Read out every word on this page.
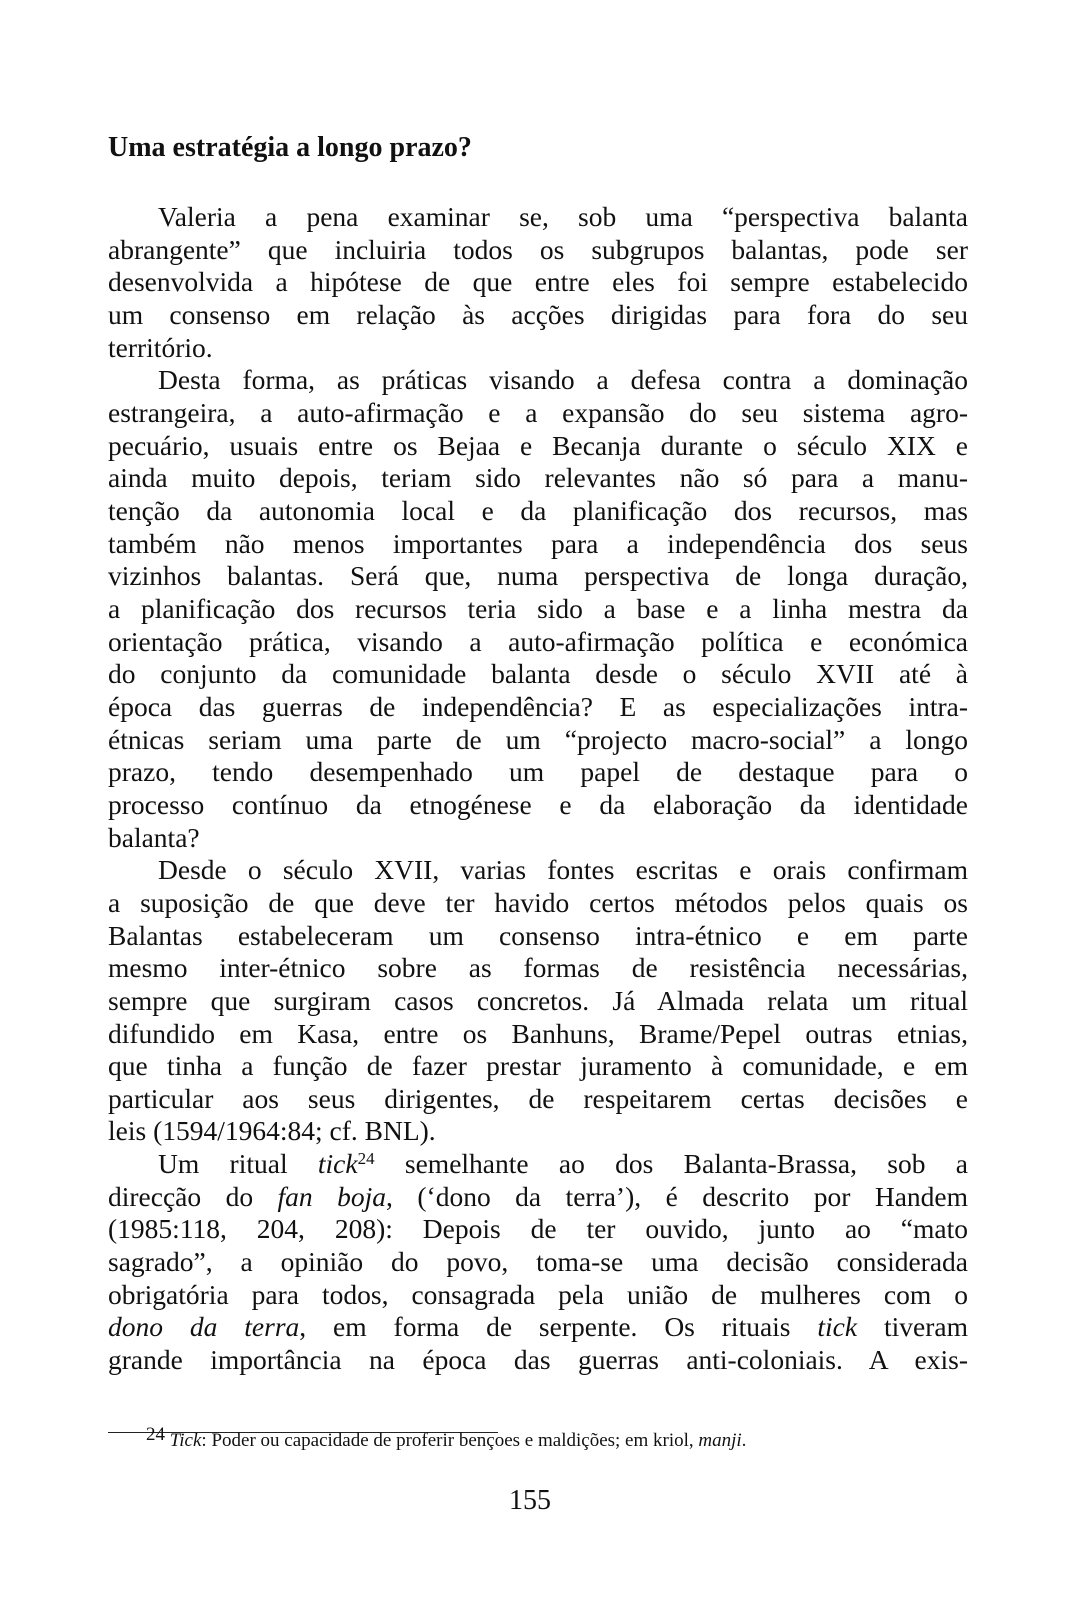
Uma estratégia a longo prazo?
Valeria a pena examinar se, sob uma “perspectiva balanta
abrangente” que incluiria todos os subgrupos balantas, pode ser
desenvolvida a hipótese de que entre eles foi sempre estabelecido
um consenso em relação às acções dirigidas para fora do seu
território.
Desta forma, as práticas visando a defesa contra a dominação
estrangeira, a auto-afirmação e a expansão do seu sistema agro-
pecuário, usuais entre os Bejaa e Becanja durante o século XIX e
ainda muito depois, teriam sido relevantes não só para a manu-
tenção da autonomia local e da planificação dos recursos, mas
também não menos importantes para a independência dos seus
vizinhos balantas. Será que, numa perspectiva de longa duração,
a planificação dos recursos teria sido a base e a linha mestra da
orientação prática, visando a auto-afirmação política e económica
do conjunto da comunidade balanta desde o século XVII até à
época das guerras de independência? E as especializações intra-
étnicas seriam uma parte de um “projecto macro-social” a longo
prazo, tendo desempenhado um papel de destaque para o
processo contínuo da etnogénese e da elaboração da identidade
balanta?
Desde o século XVII, varias fontes escritas e orais confirmam
a suposição de que deve ter havido certos métodos pelos quais os
Balantas estabeleceram um consenso intra-étnico e em parte
mesmo inter-étnico sobre as formas de resistência necessárias,
sempre que surgiram casos concretos. Já Almada relata um ritual
difundido em Kasa, entre os Banhuns, Brame/Pepel outras etnias,
que tinha a função de fazer prestar juramento à comunidade, e em
particular aos seus dirigentes, de respeitarem certas decisões e
leis (1594/1964:84; cf. BNL).
Um ritual tick$^{24}$ semelhante ao dos Balanta-Brassa, sob a
direcção do fan boja, (‘dono da terra’), é descrito por Handem
(1985:118, 204, 208): Depois de ter ouvido, junto ao “mato
sagrado”, a opinião do povo, toma-se uma decisão considerada
obrigatória para todos, consagrada pela união de mulheres com o
dono da terra, em forma de serpente. Os rituais tick tiveram
grande importância na época das guerras anti-coloniais. A exis-
$^{24}$ Tick: Poder ou capacidade de proferir bençoes e maldições; em kriol, manji.
155
